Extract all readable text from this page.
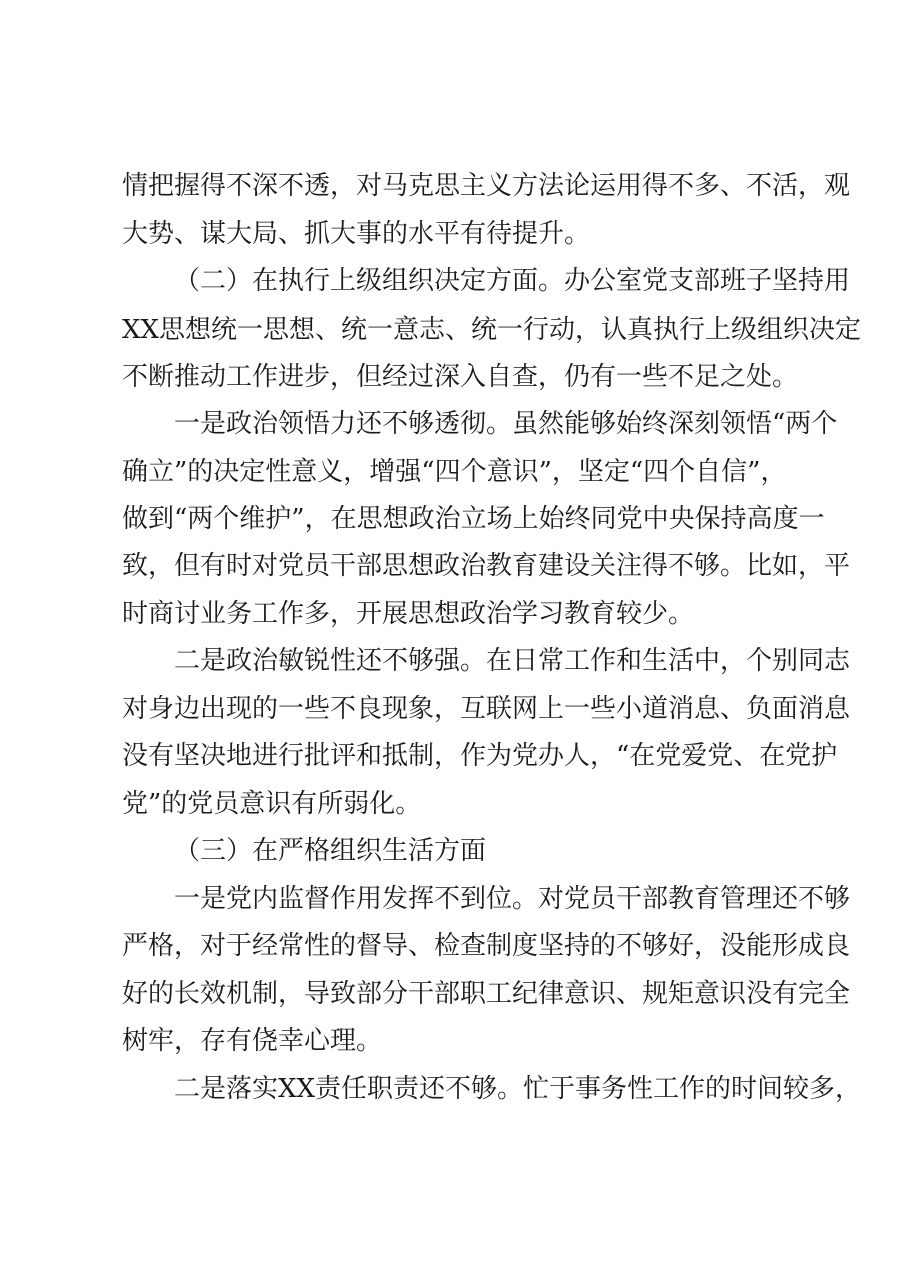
情把握得不深不透，对马克思主义方法论运用得不多、不活，观
大势、谋大局、抓大事的水平有待提升。
（二）在执行上级组织决定方面。办公室党支部班子坚持用
XX思想统一思想、统一意志、统一行动，认真执行上级组织决定
不断推动工作进步，但经过深入自查，仍有一些不足之处。
一是政治领悟力还不够透彻。虽然能够始终深刻领悟“两个
确立”的决定性意义，增强“四个意识”，坚定“四个自信”，
做到“两个维护”，在思想政治立场上始终同党中央保持高度一
致，但有时对党员干部思想政治教育建设关注得不够。比如，平
时商讨业务工作多，开展思想政治学习教育较少。
二是政治敏锐性还不够强。在日常工作和生活中，个别同志
对身边出现的一些不良现象，互联网上一些小道消息、负面消息
没有坚决地进行批评和抵制，作为党办人，“在党爱党、在党护
党”的党员意识有所弱化。
（三）在严格组织生活方面
一是党内监督作用发挥不到位。对党员干部教育管理还不够
严格，对于经常性的督导、检查制度坚持的不够好，没能形成良
好的长效机制，导致部分干部职工纪律意识、规矩意识没有完全
树牢，存有侥幸心理。
二是落实XX责任职责还不够。忙于事务性工作的时间较多，
